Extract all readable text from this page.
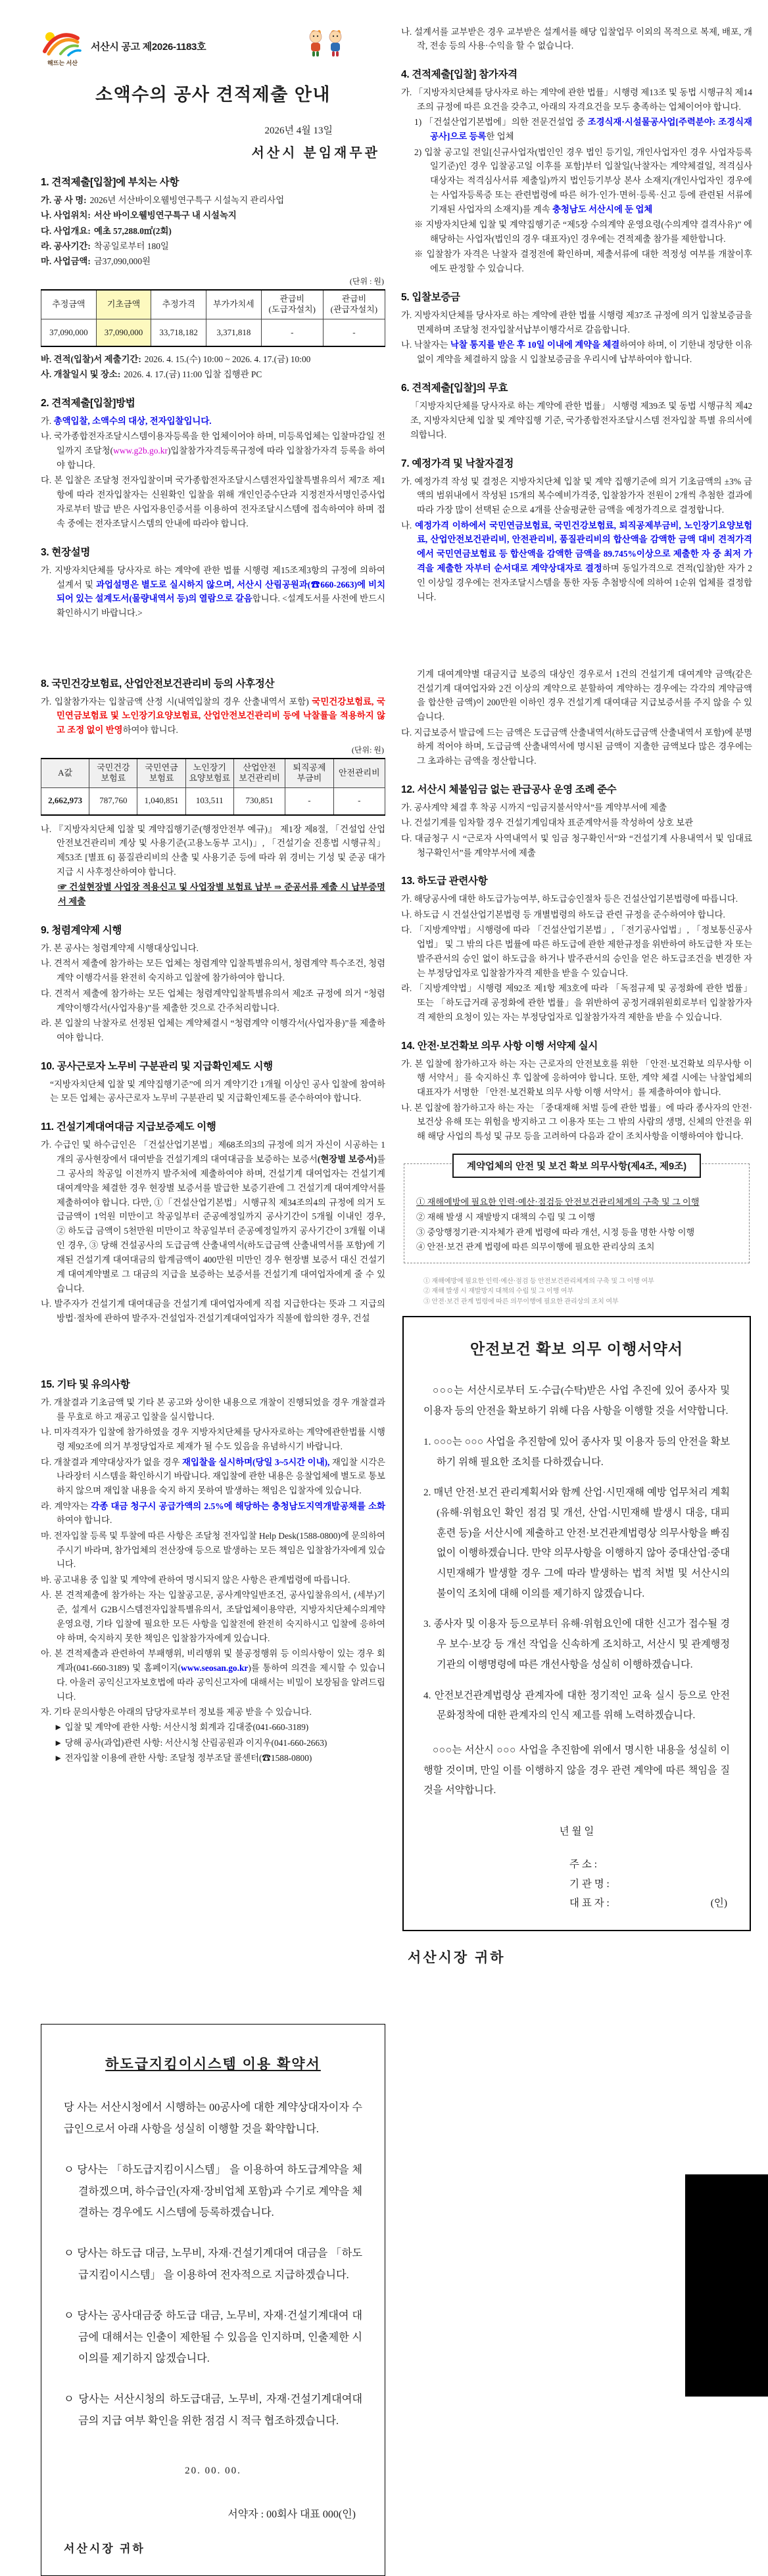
해뜨는 서산
서산시 공고 제2026-1183호
소액수의 공사 견적제출 안내
2026년 4월 13일
서산시 분임재무관
1. 견적제출[입찰]에 부치는 사항

가. 공 사 명: 2026년 서산바이오웰빙연구특구 시설녹지 관리사업

나. 사업위치: 서산 바이오웰빙연구특구 내 시설녹지

다. 사업개요: 예초 57,288.0㎡(2회)

라. 공사기간: 착공일로부터 180일

마. 사업금액: 금37,090,000원

(단위 : 원)
추정금액	기초금액	추정가격	부가가치세	관급비
(도급자설치)	관급비
(관급자설치)
37,090,000	37,090,000	33,718,182	3,371,818	-	-

바. 견적(입찰)서 제출기간: 2026. 4. 15.(수) 10:00 ~ 2026. 4. 17.(금) 10:00

사. 개찰일시 및 장소: 2026. 4. 17.(금) 11:00 입찰 집행관 PC

2. 견적제출[입찰]방법

가. 총액입찰, 소액수의 대상, 전자입찰입니다.

나. 국가종합전자조달시스템이용자등록을 한 업체이어야 하며, 미등록업체는 입찰마감일 전일까지 조달청(www.g2b.go.kr)입찰참가자격등록규정에 따라 입찰참가자격 등록을 하여야 합니다.

다. 본 입찰은 조달청 전자입찰이며 국가종합전자조달시스템전자입찰특별유의서 제7조 제1항에 따라 전자입찰자는 신원확인 입찰을 위해 개인인증수단과 지정전자서명인증사업자로부터 발급 받은 사업자용인증서를 이용하여 전자조달시스템에 접속하여야 하며 접속 중에는 전자조달시스템의 안내에 따라야 합니다.

3. 현장설명

가. 지방자치단체를 당사자로 하는 계약에 관한 법률 시행령 제15조제3항의 규정에 의하여 설계서 및 과업설명은 별도로 실시하지 않으며, 서산시 산림공원과(☎660-2663)에 비치되어 있는 설계도서(물량내역서 등)의 열람으로 갈음합니다. <설계도서를 사전에 반드시 확인하시기 바랍니다.>

8. 국민건강보험료, 산업안전보건관리비 등의 사후정산

가. 입찰참가자는 입찰금액 산정 시(내역입찰의 경우 산출내역서 포함) 국민건강보험료, 국민연금보험료 및 노인장기요양보험료, 산업안전보건관리비 등에 낙찰률을 적용하지 않고 조정 없이 반영하여야 합니다.

(단위: 원)
A값	국민건강
보험료	국민연금
보험료	노인장기
요양보험료	산업안전
보건관리비	퇴직공제
부금비	안전관리비
2,662,973	787,760	1,040,851	103,511	730,851	-	-

나. 『지방자치단체 입찰 및 계약집행기준(행정안전부 예규)』 제1장 제8절, 「건설업 산업안전보건관리비 계상 및 사용기준(고용노동부 고시)」, 「건설기술 진흥법 시행규칙」제53조 [별표 6] 품질관리비의 산출 및 사용기준 등에 따라 위 경비는 기성 및 준공 대가 지급 시 사후정산하여야 합니다.

☞ 건설현장별 사업장 적용신고 및 사업장별 보험료 납부 ⇒ 준공서류 제출 시 납부증명서 제출

9. 청렴계약제 시행

가. 본 공사는 청렴계약제 시행대상입니다.

나. 견적서 제출에 참가하는 모든 업체는 청렴계약 입찰특별유의서, 청렴계약 특수조건, 청렴계약 이행각서를 완전히 숙지하고 입찰에 참가하여야 합니다.

다. 견적서 제출에 참가하는 모든 업체는 청렴계약입찰특별유의서 제2조 규정에 의거 “청렴계약이행각서(사업자용)”를 제출한 것으로 간주처리합니다.

라. 본 입찰의 낙찰자로 선정된 업체는 계약체결시 “청렴계약 이행각서(사업자용)”를 제출하여야 합니다.

10. 공사근로자 노무비 구분관리 및 지급확인제도 시행

“지방자치단체 입찰 및 계약집행기준”에 의거 계약기간 1개월 이상인 공사 입찰에 참여하는 모든 업체는 공사근로자 노무비 구분관리 및 지급확인제도를 준수하여야 합니다.

11. 건설기계대여대금 지급보증제도 이행

가. 수급인 및 하수급인은 「건설산업기본법」제68조의3의 규정에 의거 자신이 시공하는 1개의 공사현장에서 대여받을 건설기계의 대여대금을 보증하는 보증서(현장별 보증서)를 그 공사의 착공일 이전까지 발주처에 제출하여야 하며, 건설기계 대여업자는 건설기계 대여계약을 체결한 경우 현장별 보증서를 발급한 보증기관에 그 건설기계 대여계약서를 제출하여야 합니다. 다만, ①「건설산업기본법」시행규칙 제34조의4의 규정에 의거 도급금액이 1억원 미만이고 착공일부터 준공예정일까지 공사기간이 5개월 이내인 경우, ② 하도급 금액이 5천만원 미만이고 착공일부터 준공예정일까지 공사기간이 3개월 이내인 경우, ③ 당해 건설공사의 도급금액 산출내역서(하도급금액 산출내역서를 포함)에 기재된 건설기계 대여대금의 합계금액이 400만원 미만인 경우 현장별 보증서 대신 건설기계 대여계약별로 그 대금의 지급을 보증하는 보증서를 건설기계 대여업자에게 줄 수 있습니다.

나. 발주자가 건설기계 대여대금을 건설기계 대여업자에게 직접 지급한다는 뜻과 그 지급의 방법·절차에 관하여 발주자·건설업자·건설기계대여업자가 직불에 합의한 경우, 건설

15. 기타 및 유의사항

가. 개찰결과 기초금액 및 기타 본 공고와 상이한 내용으로 개찰이 진행되었을 경우 개찰결과를 무효로 하고 재공고 입찰을 실시합니다.

나. 미자격자가 입찰에 참가하였을 경우 지방자치단체를 당사자로하는 계약에관한법률 시행령 제92조에 의거 부정당업자로 제재가 될 수도 있음을 유념하시기 바랍니다.

다. 개찰결과 계약대상자가 없을 경우 재입찰을 실시하며(당일 3~5시간 이내), 재입찰 시각은 나라장터 시스템을 확인하시기 바랍니다. 재입찰에 관한 내용은 응찰업체에 별도로 통보하지 않으며 재입찰 내용을 숙지 하지 못하여 발생하는 책임은 입찰자에 있습니다.

라. 계약자는 각종 대금 청구시 공급가액의 2.5%에 해당하는 충청남도지역개발공채를 소화하여야 합니다.

마. 전자입찰 등록 및 투찰에 따른 사항은 조달청 전자입찰 Help Desk(1588-0800)에 문의하여 주시기 바라며, 참가업체의 전산장애 등으로 발생하는 모든 책임은 입찰참가자에게 있습니다.

바. 공고내용 중 입찰 및 계약에 관하여 명시되지 않은 사항은 관계법령에 따릅니다.

사. 본 견적제출에 참가하는 자는 입찰공고문, 공사계약일반조건, 공사입찰유의서, (세부)기준, 설계서 G2B시스템전자입찰특별유의서, 조달업체이용약관, 지방자치단체수의계약운영요령, 기타 입찰에 필요한 모든 사항을 입찰전에 완전히 숙지하시고 입찰에 응하여야 하며, 숙지하지 못한 책임은 입찰참가자에게 있습니다.

아. 본 견적제출과 관련하여 부패행위, 비리행위 및 불공정행위 등 이의사항이 있는 경우 회계과(041-660-3189) 및 홈페이지(www.seosan.go.kr)를 통하여 의견을 제시할 수 있습니다. 아울러 공익신고자보호법에 따라 공익신고자에 대해서는 비밀이 보장됨을 알려드립니다.

자. 기타 문의사항은 아래의 담당자로부터 정보를 제공 받을 수 있습니다.

► 입찰 및 계약에 관한 사항: 서산시청 회계과 김대중(041-660-3189)

► 당해 공사(과업)관련 사항: 서산시청 산림공원과 이지우(041-660-2663)

► 전자입찰 이용에 관한 사항: 조달청 정부조달 콜센터(☎1588-0800)

하도급지킴이시스템 이용 확약서

당 사는 서산시청에서 시행하는 00공사에 대한 계약상대자이자 수급인으로서 아래 사항을 성실히 이행할 것을 확약합니다.

ㅇ 당사는 「하도급지킴이시스템」 을 이용하여 하도급계약을 체결하겠으며, 하수급인(자재·장비업체 포함)과 수기로 계약을 체결하는 경우에도 시스템에 등록하겠습니다.

ㅇ 당사는 하도급 대금, 노무비, 자재·건설기계대여 대금을 「하도급지킴이시스템」 을 이용하여 전자적으로 지급하겠습니다.

ㅇ 당사는 공사대금중 하도급 대금, 노무비, 자재·건설기계대여 대금에 대해서는 인출이 제한될 수 있음을 인지하며, 인출제한 시 이의를 제기하지 않겠습니다.

ㅇ 당사는 서산시청의 하도급대금, 노무비, 자재·건설기계대여대금의 지급 여부 확인을 위한 점검 시 적극 협조하겠습니다.

20. 00. 00.
서약자 : 00회사 대표 000(인)
서산시장 귀하

나. 설계서를 교부받은 경우 교부받은 설계서를 해당 입찰업무 이외의 목적으로 복제, 배포, 개작, 전송 등의 사용·수익을 할 수 없습니다.

4. 견적제출[입찰] 참가자격

가. 「지방자치단체를 당사자로 하는 계약에 관한 법률」시행령 제13조 및 동법 시행규칙 제14조의 규정에 따른 요건을 갖추고, 아래의 자격요건을 모두 충족하는 업체이어야 합니다.

1) 「건설산업기본법에」의한 전문건설업 중 조경식재·시설물공사업[주력분야: 조경식재공사]으로 등록한 업체

2) 입찰 공고일 전일[신규사업자(법인인 경우 법인 등기일, 개인사업자인 경우 사업자등록일기준)인 경우 입찰공고일 이후를 포함]부터 입찰일(낙찰자는 계약체결일, 적격심사 대상자는 적격심사서류 제출일)까지 법인등기부상 본사 소재지(개인사업자인 경우에는 사업자등록증 또는 관련법령에 따른 허가·인가·면허·등록·신고 등에 관련된 서류에 기재된 사업자의 소재지)를 계속 충청남도 서산시에 둔 업체

※ 지방자치단체 입찰 및 계약집행기준 “제5장 수의계약 운영요령(수의계약 결격사유)” 에 해당하는 사업자(법인의 경우 대표자)인 경우에는 견적제출 참가를 제한합니다.

※ 입찰참가 자격은 낙찰자 결정전에 확인하며, 제출서류에 대한 적정성 여부를 개찰이후에도 판정할 수 있습니다.

5. 입찰보증금

가. 지방자치단체를 당사자로 하는 계약에 관한 법률 시행령 제37조 규정에 의거 입찰보증금을 면제하며 조달청 전자입찰서납부이행각서로 갈음합니다.

나. 낙찰자는 낙찰 통지를 받은 후 10일 이내에 계약을 체결하여야 하며, 이 기한내 정당한 이유 없이 계약을 체결하지 않을 시 입찰보증금을 우리시에 납부하여야 합니다.

6. 견적제출[입찰]의 무효

「지방자치단체를 당사자로 하는 계약에 관한 법률」 시행령 제39조 및 동법 시행규칙 제42조, 지방자치단체 입찰 및 계약집행 기준, 국가종합전자조달시스템 전자입찰 특별 유의서에 의합니다.

7. 예정가격 및 낙찰자결정

가. 예정가격 작성 및 결정은 지방자치단체 입찰 및 계약 집행기준에 의거 기초금액의 ±3% 금액의 범위내에서 작성된 15개의 복수예비가격중, 입찰참가자 전원이 2개씩 추첨한 결과에 따라 가장 많이 선택된 순으로 4개를 산술평균한 금액을 예정가격으로 결정합니다.

나. 예정가격 이하에서 국민연금보험료, 국민건강보험료, 퇴직공제부금비, 노인장기요양보험료, 산업안전보건관리비, 안전관리비, 품질관리비의 합산액을 감액한 금액 대비 견적가격에서 국민연금보험료 등 합산액을 감액한 금액을 89.745%이상으로 제출한 자 중 최저 가격을 제출한 자부터 순서대로 계약상대자로 결정하며 동일가격으로 견적(입찰)한 자가 2인 이상일 경우에는 전자조달시스템을 통한 자동 추첨방식에 의하여 1순위 업체를 결정합니다.

기계 대여계약별 대금지급 보증의 대상인 경우로서 1건의 건설기계 대여계약 금액(같은 건설기계 대여업자와 2건 이상의 계약으로 분할하여 계약하는 경우에는 각각의 계약금액을 합산한 금액)이 200만원 이하인 경우 건설기계 대여대금 지급보증서를 주지 않을 수 있습니다.

다. 지급보증서 발급에 드는 금액은 도급금액 산출내역서(하도급금액 산출내역서 포함)에 분명하게 적어야 하며, 도급금액 산출내역서에 명시된 금액이 지출한 금액보다 많은 경우에는 그 초과하는 금액을 정산합니다.

12. 서산시 체불임금 없는 관급공사 운영 조례 준수

가. 공사계약 체결 후 착공 시까지 “임금지불서약서”를 계약부서에 제출

나. 건설기계를 임차할 경우 건설기계임대차 표준계약서를 작성하여 상호 보관

다. 대금청구 시 “근로자 사역내역서 및 임금 청구확인서”와 “건설기계 사용내역서 및 임대료 청구확인서”를 계약부서에 제출

13. 하도급 관련사항

가. 해당공사에 대한 하도급가능여부, 하도급승인절차 등은 건설산업기본법령에 따릅니다.

나. 하도급 시 건설산업기본법령 등 개별법령의 하도급 관련 규정을 준수하여야 합니다.

다. 「지방계약법」시행령에 따라 「건설산업기본법」, 「전기공사업법」, 「정보통신공사업법」 및 그 밖의 다른 법률에 따른 하도급에 관한 제한규정을 위반하여 하도급한 자 또는 발주관서의 승인 없이 하도급을 하거나 발주관서의 승인을 얻은 하도급조건을 변경한 자는 부정당업자로 입찰참가자격 제한을 받을 수 있습니다.

라. 「지방계약법」시행령 제92조 제1항 제3호에 따라 「독점규제 및 공정화에 관한 법률」 또는 「하도급거래 공정화에 관한 법률」을 위반하여 공정거래위원회로부터 입찰참가자격 제한의 요청이 있는 자는 부정당업자로 입찰참가자격 제한을 받을 수 있습니다.

14. 안전·보건확보 의무 사항 이행 서약제 실시

가. 본 입찰에 참가하고자 하는 자는 근로자의 안전보호를 위한 「안전·보건확보 의무사항 이행 서약서」를 숙지하신 후 입찰에 응하여야 합니다. 또한, 계약 체결 시에는 낙찰업체의 대표자가 서명한 「안전·보건확보 의무 사항 이행 서약서」를 제출하여야 합니다.

나. 본 입찰에 참가하고자 하는 자는 「중대재해 처벌 등에 관한 법률」에 따라 종사자의 안전·보건상 유해 또는 위험을 방지하고 그 이용자 또는 그 밖의 사람의 생명, 신체의 안전을 위해 해당 사업의 특성 및 규모 등을 고려하여 다음과 같이 조치사항을 이행하여야 합니다.

계약업체의 안전 및 보건 확보 의무사항(제4조, 제9조)

① 재해예방에 필요한 인력·예산·점검등 안전보건관리체계의 구축 및 그 이행

② 재해 발생 시 재발방지 대책의 수립 및 그 이행

③ 중앙행정기관·지자체가 관계 법령에 따라 개선, 시정 등을 명한 사항 이행

④ 안전·보건 관계 법령에 따른 의무이행에 필요한 관리상의 조치

① 재해예방에 필요한 인력·예산·점검 등 안전보건관리체계의 구축 및 그 이행 여부

② 재해 발생 시 재발방지 대책의 수립 및 그 이행 여부

③ 안전·보건 관계 법령에 따른 의무이행에 필요한 관리상의 조치 여부

안전보건 확보 의무 이행서약서

○○○는 서산시로부터 도·수급(수탁)받은 사업 추진에 있어 종사자 및 이용자 등의 안전을 확보하기 위해 다음 사항을 이행할 것을 서약합니다.

1. ○○○는 ○○○ 사업을 추진함에 있어 종사자 및 이용자 등의 안전을 확보하기 위해 필요한 조치를 다하겠습니다.

2. 매년 안전·보건 관리계획서와 함께 산업·시민재해 예방 업무처리 계획(유해·위험요인 확인 점검 및 개선, 산업·시민재해 발생시 대응, 대피훈련 등)을 서산시에 제출하고 안전·보건관계법령상 의무사항을 빠짐없이 이행하겠습니다. 만약 의무사항을 이행하지 않아 중대산업·중대시민재해가 발생할 경우 그에 따라 발생하는 법적 처벌 및 서산시의 불이익 조치에 대해 이의를 제기하지 않겠습니다.

3. 종사자 및 이용자 등으로부터 유해·위험요인에 대한 신고가 접수될 경우 보수·보강 등 개선 작업을 신속하게 조치하고, 서산시 및 관계행정기관의 이행명령에 따른 개선사항을 성실히 이행하겠습니다.

4. 안전보건관계법령상 관계자에 대한 정기적인 교육 실시 등으로 안전문화정착에 대한 관계자의 인식 제고를 위해 노력하겠습니다.

○○○는 서산시 ○○○ 사업을 추진함에 위에서 명시한 내용을 성실히 이행할 것이며, 만일 이를 이행하지 않을 경우 관련 계약에 따른 책임을 질 것을 서약합니다.

년 월 일
주 소 :
기 관 명 :
대 표 자 :	(인)
서산시장 귀하
